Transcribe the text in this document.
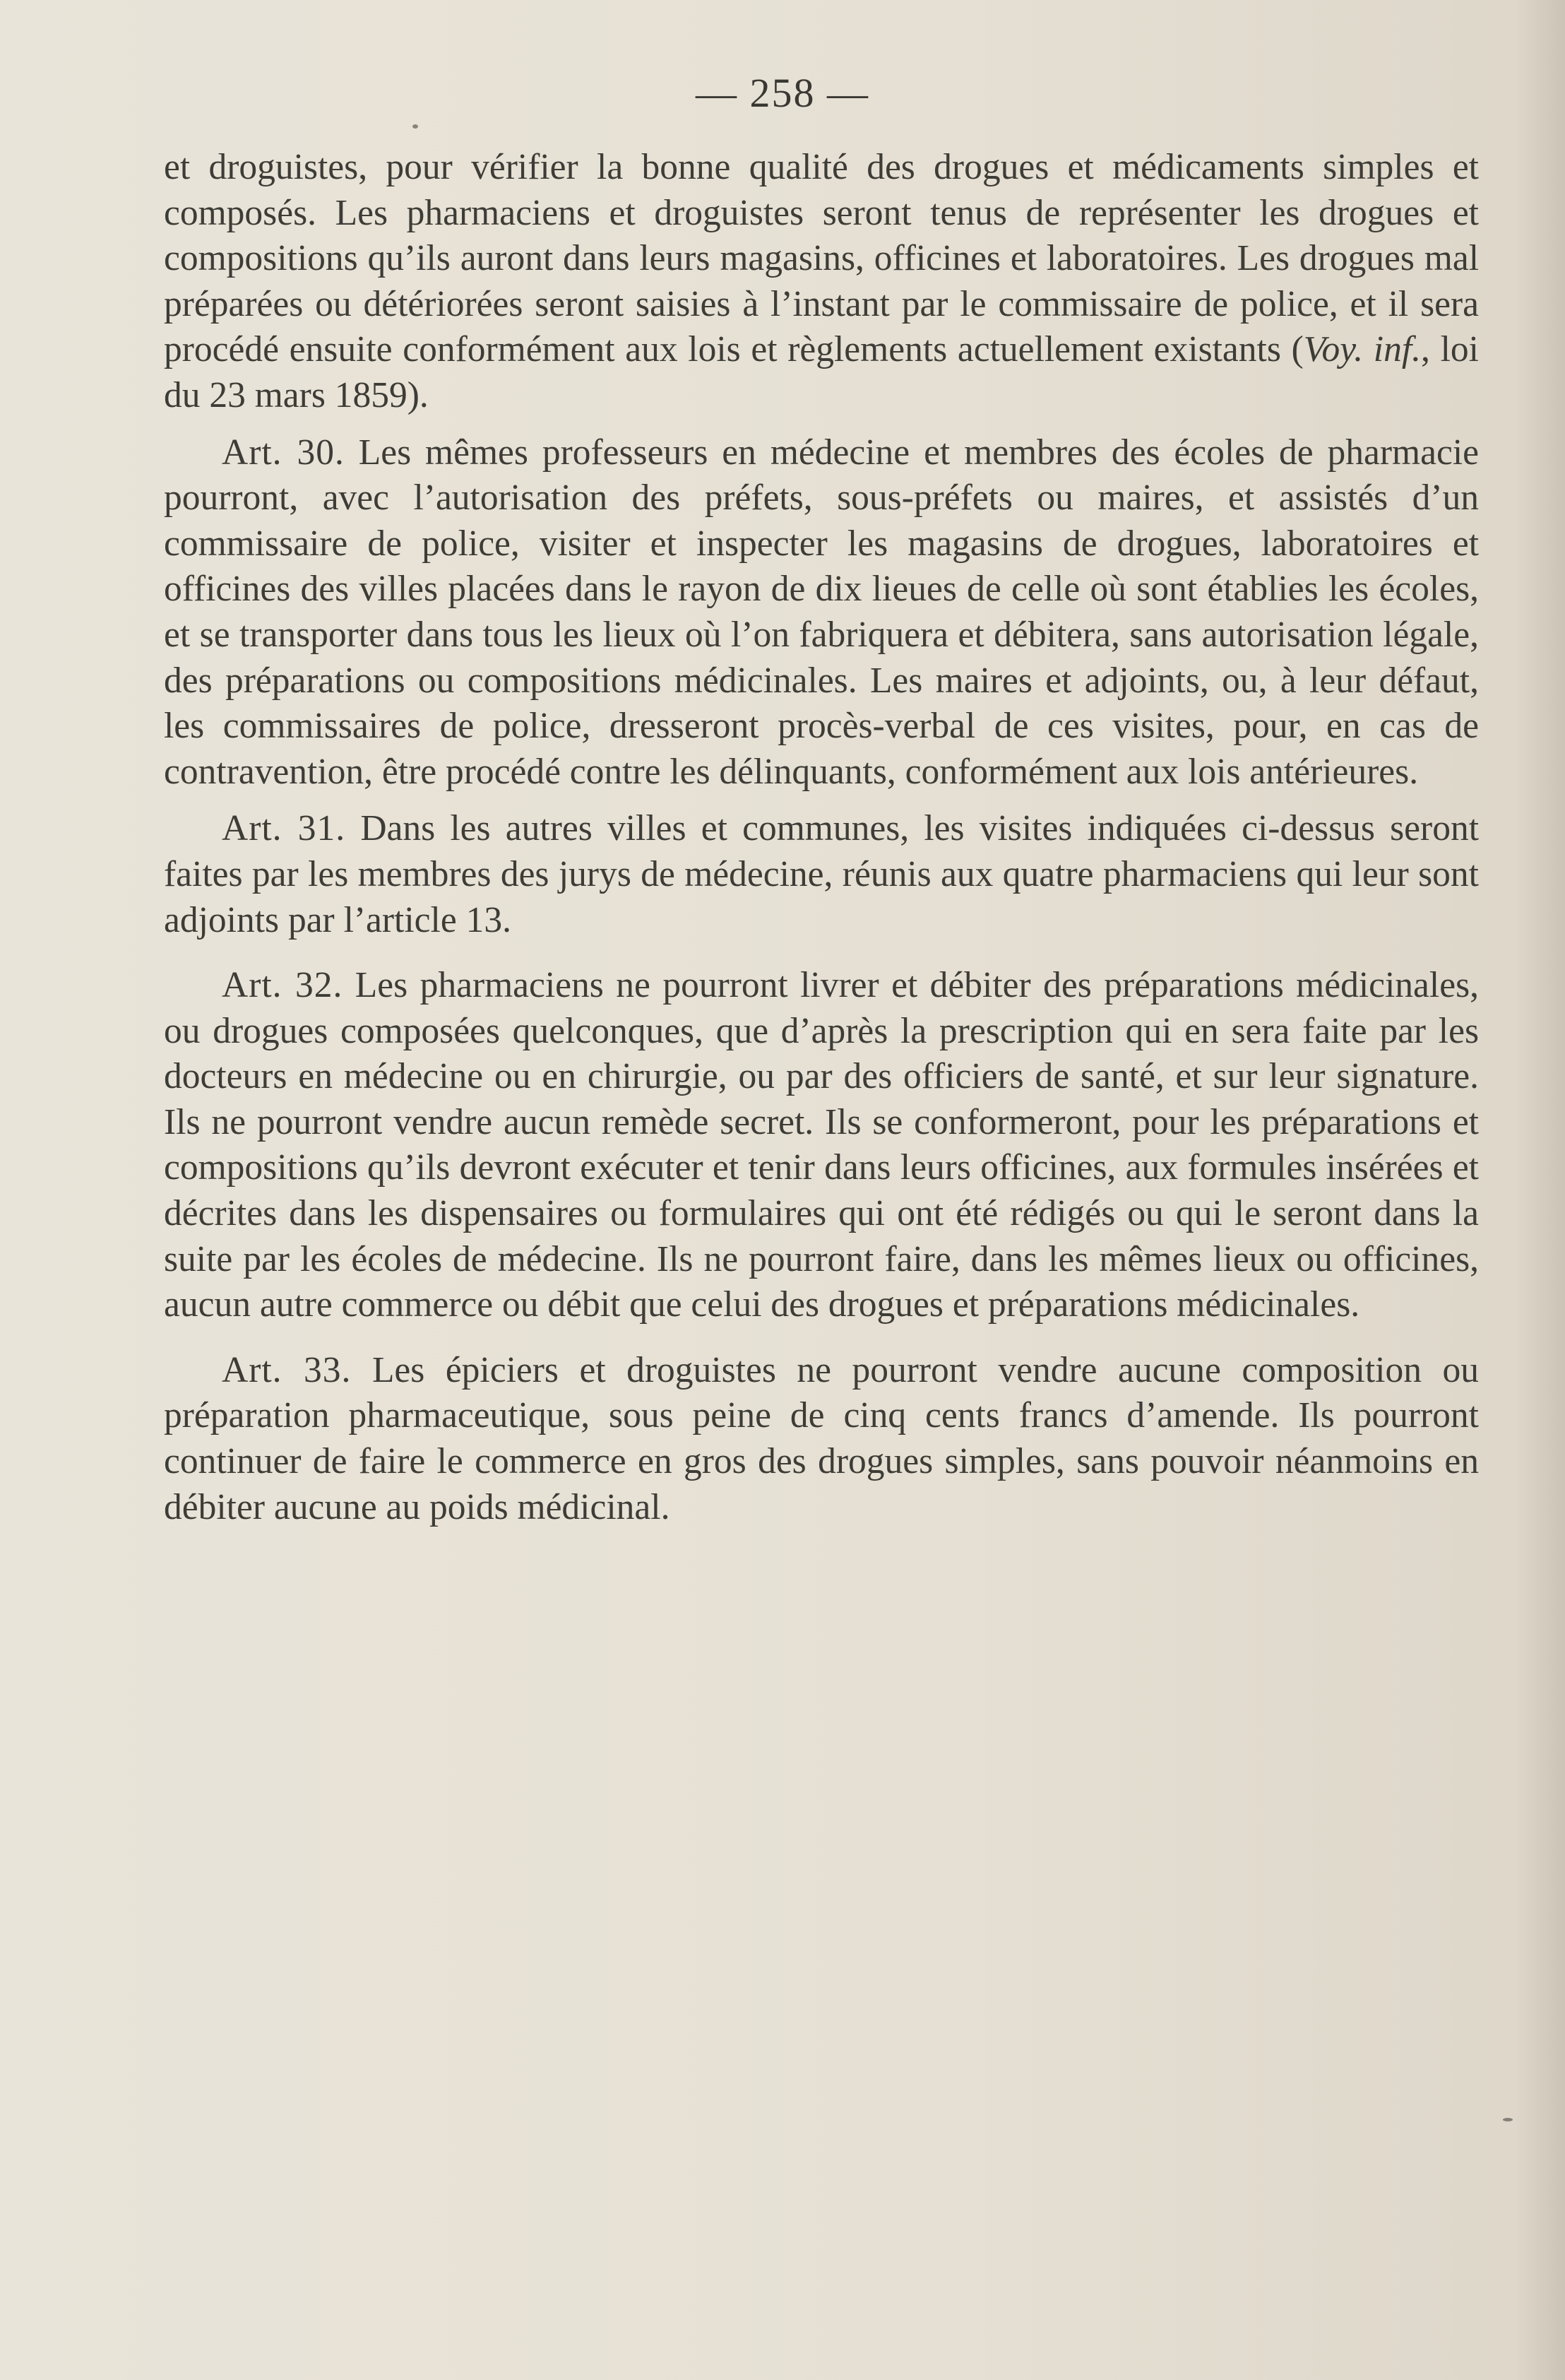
— 258 —

et droguistes, pour vérifier la bonne qualité des drogues et médicaments simples et composés. Les pharmaciens et droguistes seront tenus de représenter les drogues et compositions qu’ils auront dans leurs magasins, officines et laboratoires. Les drogues mal préparées ou détériorées seront saisies à l’instant par le commissaire de police, et il sera procédé ensuite conformément aux lois et règlements actuellement existants (Voy. inf., loi du 23 mars 1859).

Art. 30. Les mêmes professeurs en médecine et membres des écoles de pharmacie pourront, avec l’autorisation des préfets, sous-préfets ou maires, et assistés d’un commissaire de police, visiter et inspecter les magasins de drogues, laboratoires et officines des villes placées dans le rayon de dix lieues de celle où sont établies les écoles, et se transporter dans tous les lieux où l’on fabriquera et débitera, sans autorisation légale, des préparations ou compositions médicinales. Les maires et adjoints, ou, à leur défaut, les commissaires de police, dresseront procès-verbal de ces visites, pour, en cas de contravention, être procédé contre les délinquants, conformément aux lois antérieures.

Art. 31. Dans les autres villes et communes, les visites indiquées ci-dessus seront faites par les membres des jurys de médecine, réunis aux quatre pharmaciens qui leur sont adjoints par l’article 13.

Art. 32. Les pharmaciens ne pourront livrer et débiter des préparations médicinales, ou drogues composées quelconques, que d’après la prescription qui en sera faite par les docteurs en médecine ou en chirurgie, ou par des officiers de santé, et sur leur signature. Ils ne pourront vendre aucun remède secret. Ils se conformeront, pour les préparations et compositions qu’ils devront exécuter et tenir dans leurs officines, aux formules insérées et décrites dans les dispensaires ou formulaires qui ont été rédigés ou qui le seront dans la suite par les écoles de médecine. Ils ne pourront faire, dans les mêmes lieux ou officines, aucun autre commerce ou débit que celui des drogues et préparations médicinales.

Art. 33. Les épiciers et droguistes ne pourront vendre aucune composition ou préparation pharmaceutique, sous peine de cinq cents francs d’amende. Ils pourront continuer de faire le commerce en gros des drogues simples, sans pouvoir néanmoins en débiter aucune au poids médicinal.
